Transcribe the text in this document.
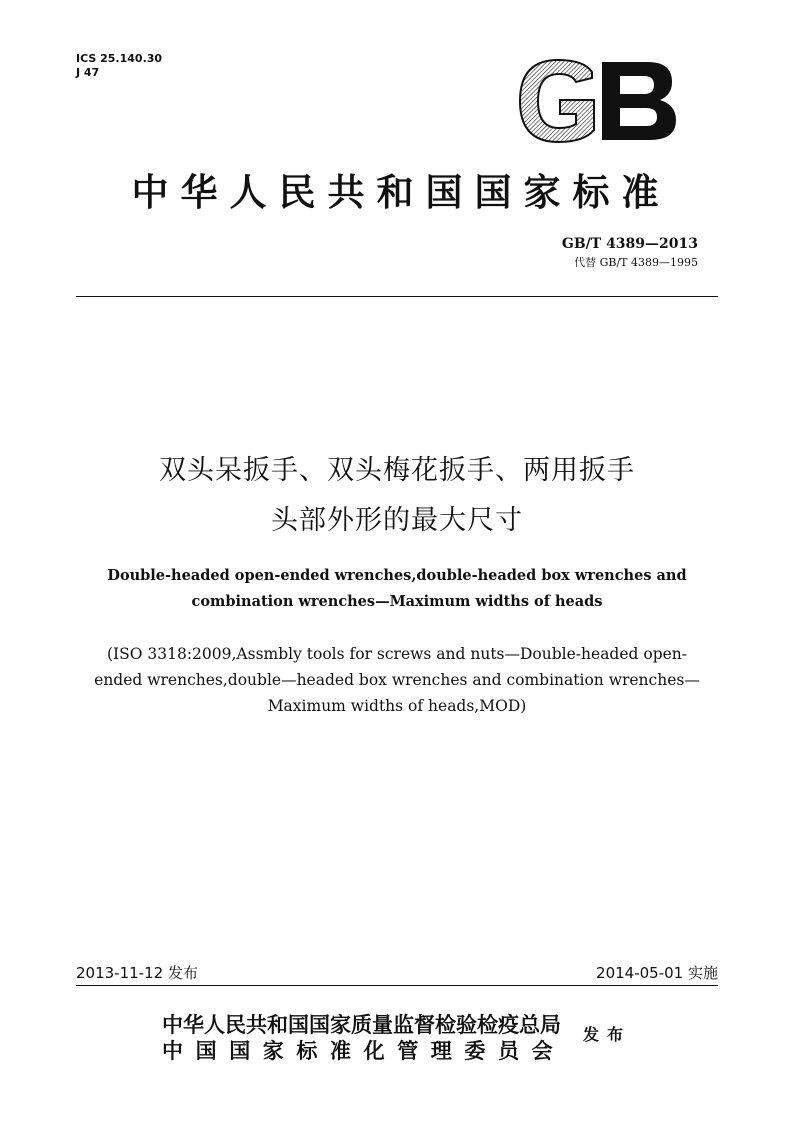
ICS 25.140.30
J 47
GB
中华人民共和国国家标准
GB/T 4389—2013
代替 GB/T 4389—1995
双头呆扳手、双头梅花扳手、两用扳手
头部外形的最大尺寸
Double-headed open-ended wrenches,double-headed box wrenches and
combination wrenches—Maximum widths of heads
(ISO 3318:2009,Assmbly tools for screws and nuts—Double-headed open-
ended wrenches,double—headed box wrenches and combination wrenches—
Maximum widths of heads,MOD)
2013-11-12 发布	2014-05-01 实施
中华人民共和国国家质量监督检验检疫总局
中国国家标准化管理委员会
发布
